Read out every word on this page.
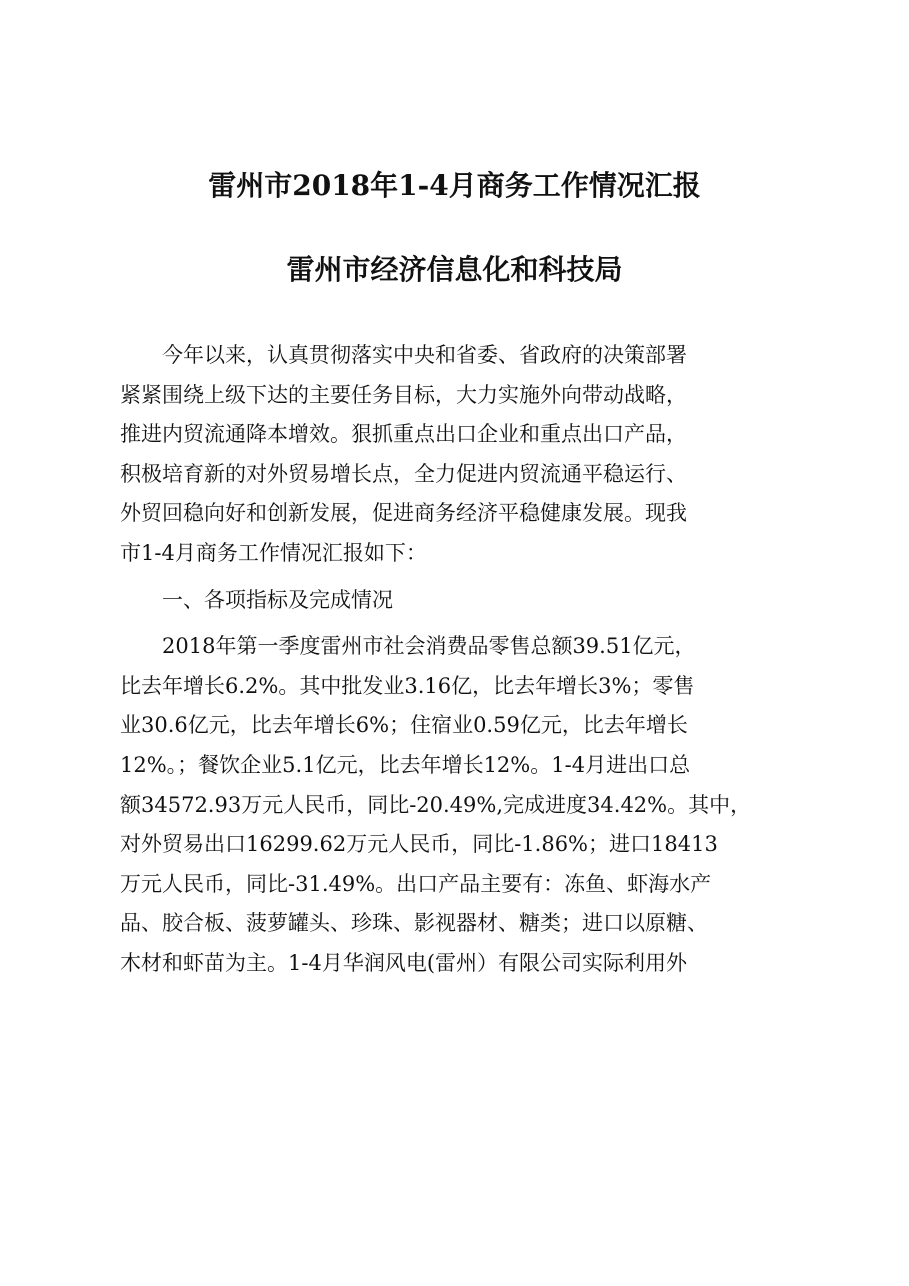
雷州市2018年1-4月商务工作情况汇报
雷州市经济信息化和科技局

　　今年以来，认真贯彻落实中央和省委、省政府的决策部署
紧紧围绕上级下达的主要任务目标，大力实施外向带动战略，
推进内贸流通降本增效。狠抓重点出口企业和重点出口产品，
积极培育新的对外贸易增长点，全力促进内贸流通平稳运行、
外贸回稳向好和创新发展，促进商务经济平稳健康发展。现我
市1-4月商务工作情况汇报如下：

　　一、各项指标及完成情况

　　2018年第一季度雷州市社会消费品零售总额39.51亿元，
比去年增长6.2%。其中批发业3.16亿，比去年增长3%；零售
业30.6亿元，比去年增长6%；住宿业0.59亿元，比去年增长
12%。；餐饮企业5.1亿元，比去年增长12%。1-4月进出口总
额34572.93万元人民币，同比-20.49%,完成进度34.42%。其中，
对外贸易出口16299.62万元人民币，同比-1.86%；进口18413
万元人民币，同比-31.49%。出口产品主要有：冻鱼、虾海水产
品、胶合板、菠萝罐头、珍珠、影视器材、糖类；进口以原糖、
木材和虾苗为主。1-4月华润风电(雷州）有限公司实际利用外
